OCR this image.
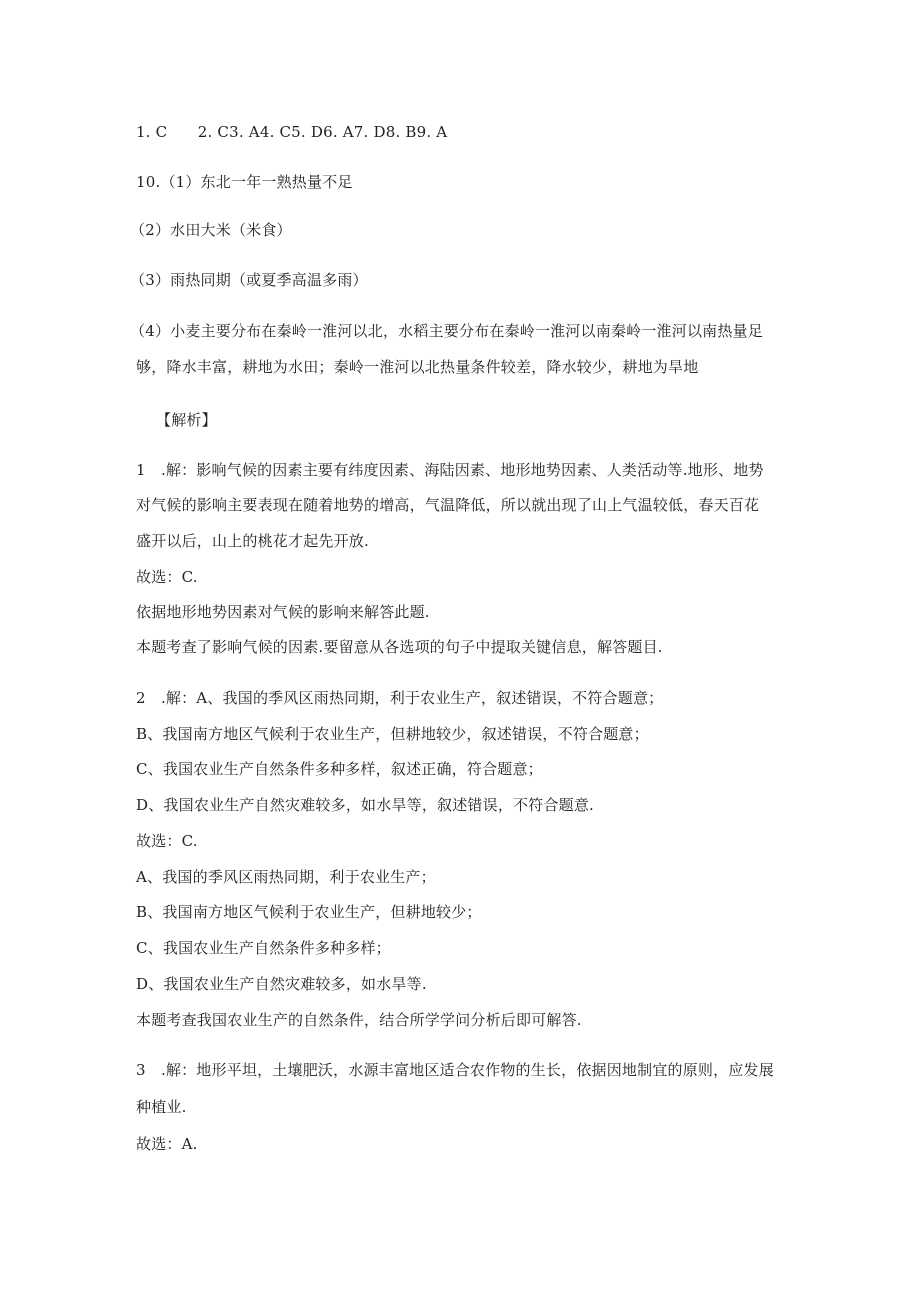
1. C　　2. C3. A4. C5. D6. A7. D8. B9. A
10.（1）东北一年一熟热量不足
（2）水田大米（米食）
（3）雨热同期（或夏季高温多雨）
（4）小麦主要分布在秦岭一淮河以北，水稻主要分布在秦岭一淮河以南秦岭一淮河以南热量足
够，降水丰富，耕地为水田；秦岭一淮河以北热量条件较差，降水较少，耕地为旱地
【解析】
1　.解：影响气候的因素主要有纬度因素、海陆因素、地形地势因素、人类活动等.地形、地势
对气候的影响主要表现在随着地势的增高，气温降低，所以就出现了山上气温较低，春天百花
盛开以后，山上的桃花才起先开放.
故选：C.
依据地形地势因素对气候的影响来解答此题.
本题考查了影响气候的因素.要留意从各选项的句子中提取关键信息，解答题目.
2　.解：A、我国的季风区雨热同期，利于农业生产，叙述错误，不符合题意；
B、我国南方地区气候利于农业生产，但耕地较少，叙述错误，不符合题意；
C、我国农业生产自然条件多种多样，叙述正确，符合题意；
D、我国农业生产自然灾难较多，如水旱等，叙述错误，不符合题意.
故选：C.
A、我国的季风区雨热同期，利于农业生产；
B、我国南方地区气候利于农业生产，但耕地较少；
C、我国农业生产自然条件多种多样；
D、我国农业生产自然灾难较多，如水旱等.
本题考查我国农业生产的自然条件，结合所学学问分析后即可解答.
3　.解：地形平坦，土壤肥沃，水源丰富地区适合农作物的生长，依据因地制宜的原则，应发展
种植业.
故选：A.
